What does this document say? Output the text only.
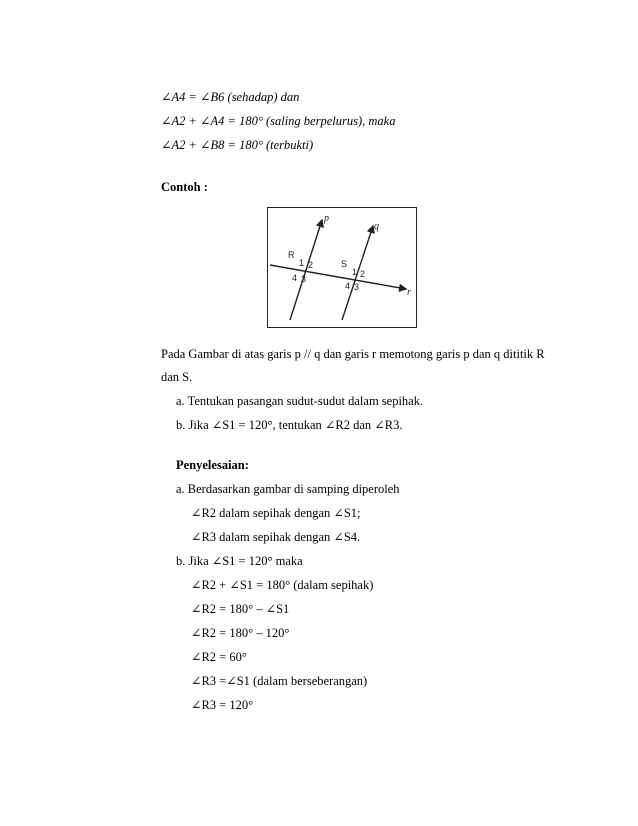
∠A4 = ∠B6 (sehadap) dan
∠A2 + ∠A4 = 180° (saling berpelurus), maka
∠A2 + ∠B8 = 180° (terbukti)
Contoh :
p
q
r
R
S
1 2
4 3
1 2
4 3
Pada Gambar di atas garis p // q dan garis r memotong garis p dan q dititik R
dan S.
a. Tentukan pasangan sudut-sudut dalam sepihak.
b. Jika ∠S1 = 120°, tentukan ∠R2 dan ∠R3.
Penyelesaian:
a. Berdasarkan gambar di samping diperoleh
∠R2 dalam sepihak dengan ∠S1;
∠R3 dalam sepihak dengan ∠S4.
b. Jika ∠S1 = 120° maka
∠R2 + ∠S1 = 180° (dalam sepihak)
∠R2 = 180° – ∠S1
∠R2 = 180° – 120°
∠R2 = 60°
∠R3 =∠S1 (dalam berseberangan)
∠R3 = 120°
